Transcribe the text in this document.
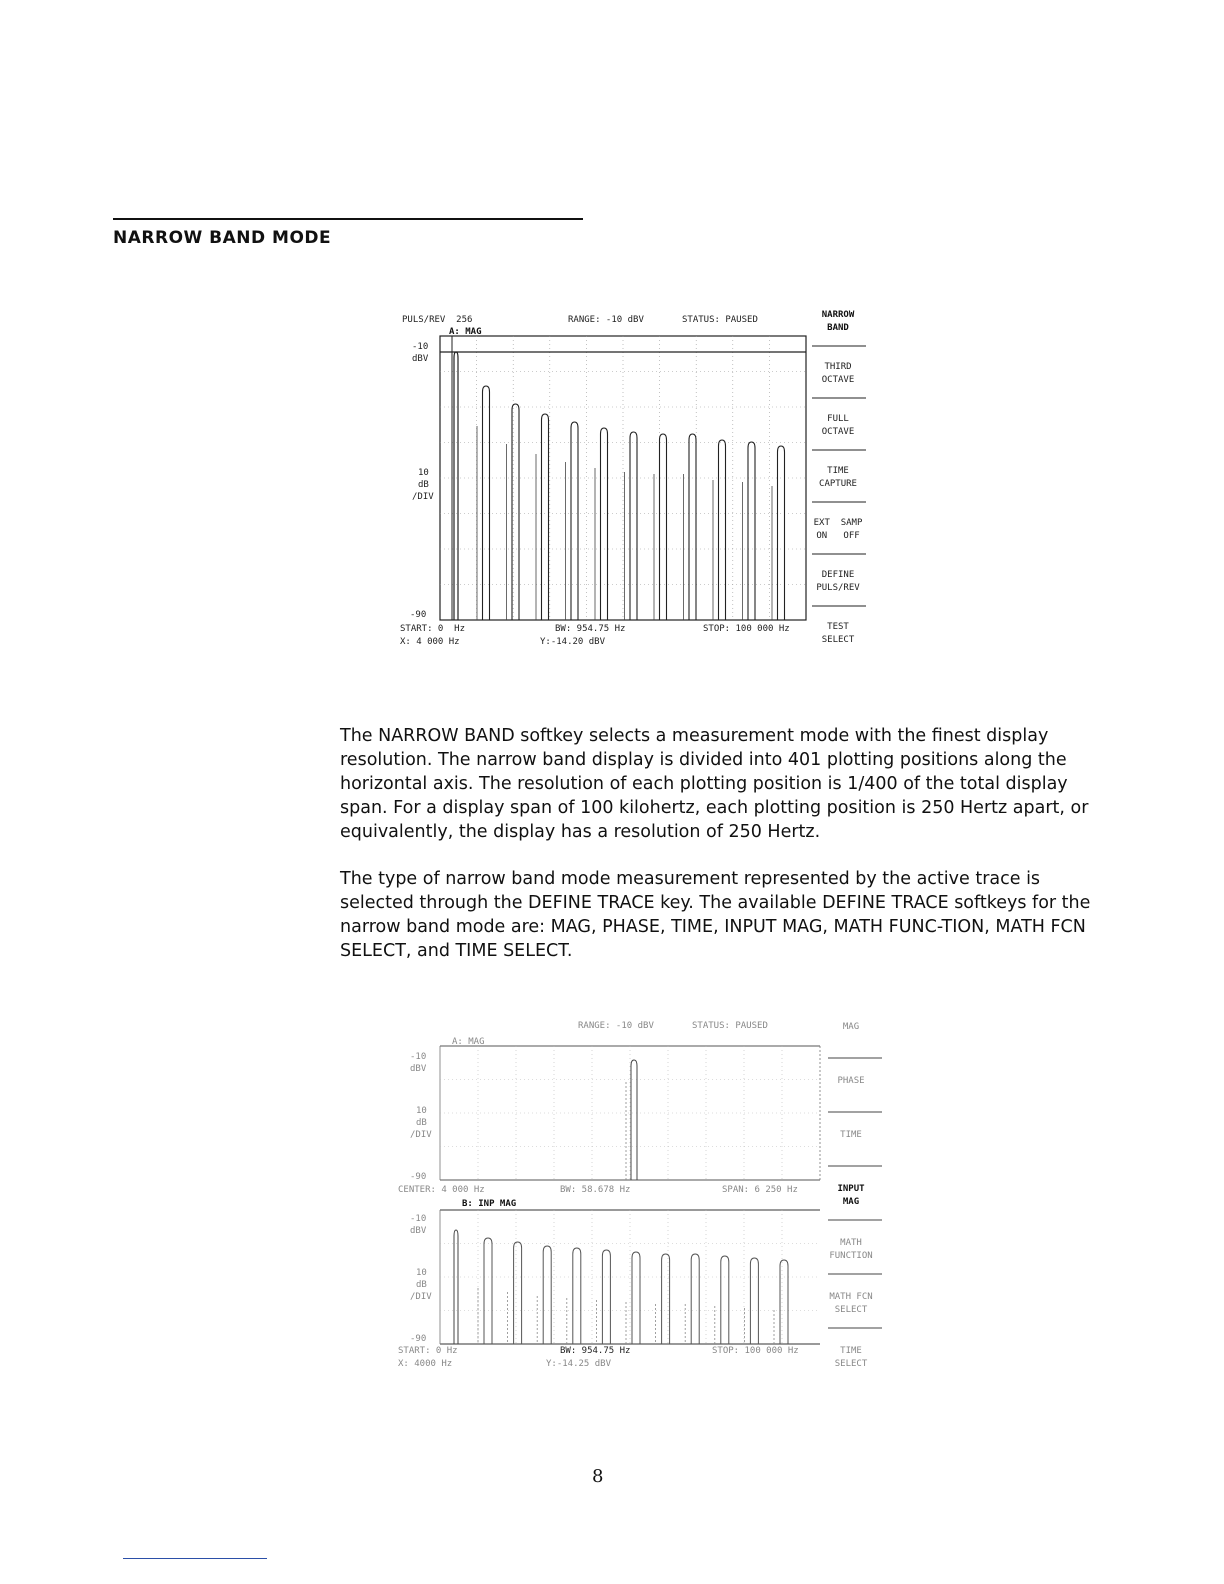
NARROW BAND MODE
PULS/REV  256	RANGE: -10 dBV	STATUS: PAUSED
A: MAG
-10
dBV
10
dB
/DIV
-90
START: 0  Hz	BW: 954.75 Hz	STOP: 100 000 Hz
X: 4 000 Hz	Y:-14.20 dBV
NARROW
BAND
THIRD
OCTAVE
FULL
OCTAVE
TIME
CAPTURE
EXT  SAMP
ON   OFF
DEFINE
PULS/REV
TEST
SELECT

The NARROW BAND softkey selects a measurement mode with the finest display resolution. The narrow band display is divided into 401 plotting positions along the horizontal axis. The resolution of each plotting position is 1/400 of the total display span. For a display span of 100 kilohertz, each plotting position is 250 Hertz apart, or equivalently, the display has a resolution of 250 Hertz.

The type of narrow band mode measurement represented by the active trace is selected through the DEFINE TRACE key. The available DEFINE TRACE softkeys for the narrow band mode are: MAG, PHASE, TIME, INPUT MAG, MATH FUNC-TION, MATH FCN SELECT, and TIME SELECT.

RANGE: -10 dBV	STATUS: PAUSED
A: MAG
-10
dBV
10
dB
/DIV
-90
CENTER: 4 000 Hz	BW: 58.678 Hz	SPAN: 6 250 Hz
B: INP MAG
-10
dBV
10
dB
/DIV
-90
START: 0 Hz	BW: 954.75 Hz	STOP: 100 000 Hz
X: 4000 Hz	Y:-14.25 dBV
MAG
PHASE
TIME
INPUT
MAG
MATH
FUNCTION
MATH FCN
SELECT
TIME
SELECT
8
